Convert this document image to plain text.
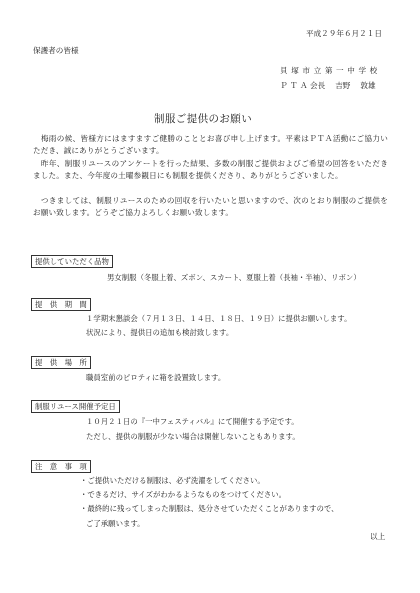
平成２９年６月２１日
保護者の皆様
貝 塚 市 立 第 一 中 学 校
Ｐ Ｔ Ａ 会長　 吉野　 敦雄
制服ご提供のお願い
　梅雨の候、皆様方にはますますご健勝のこととお喜び申し上げます。平素はＰＴＡ活動にご協力いただき、誠にありがとうございます。
　昨年、制服リユースのアンケートを行った結果、多数の制服ご提供およびご希望の回答をいただきました。また、今年度の土曜参観日にも制服を提供くださり、ありがとうございました。
　つきましては、制服リユースのための回収を行いたいと思いますので、次のとおり制服のご提供をお願い致します。どうぞご協力よろしくお願い致します。
提供していただく品物
男女制服（冬服上着、ズボン、スカート、夏服上着（長袖・半袖）、リボン）
提　供　期　間
１学期末懇談会（７月１３日、１４日、１８日、１９日）に提供お願いします。
状況により、提供日の追加も検討致します。
提　供　場　所
職員室前のピロティに箱を設置致します。
制服リユース開催予定日
１０月２１日の『一中フェスティバル』にて開催する予定です。
ただし、提供の制服が少ない場合は開催しないこともあります。
注　意　事　項
・ご提供いただける制服は、必ず洗濯をしてください。
・できるだけ、サイズがわかるようなものをつけてください。
・最終的に残ってしまった制服は、処分させていただくことがありますので、
ご了承願います。
以上
